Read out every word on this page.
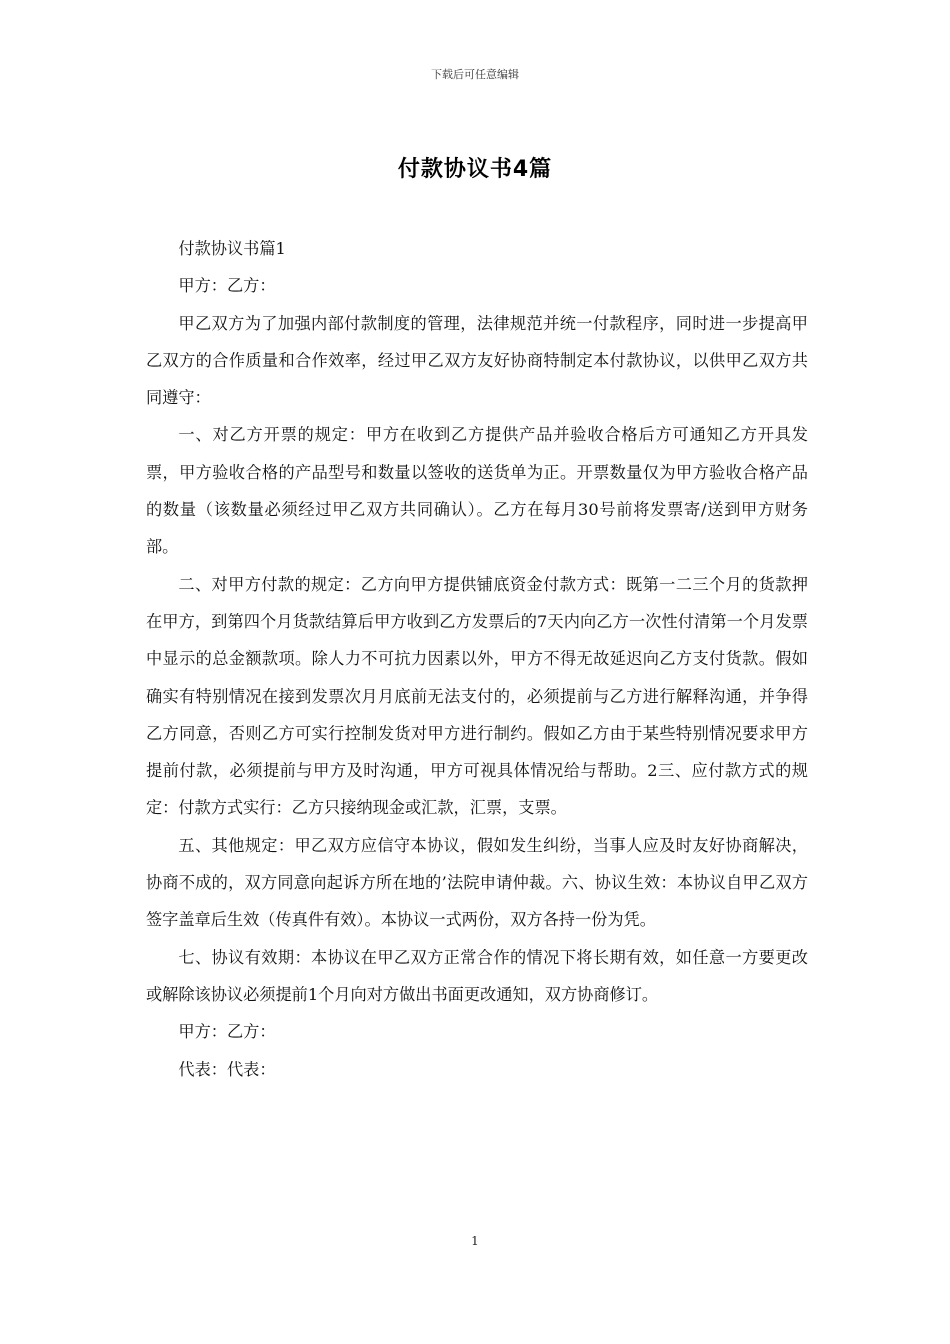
下载后可任意编辑
付款协议书4篇

付款协议书篇1

甲方：乙方：

甲乙双方为了加强内部付款制度的管理，法律规范并统一付款程序，同时进一步提高甲乙双方的合作质量和合作效率，经过甲乙双方友好协商特制定本付款协议，以供甲乙双方共同遵守：

一、对乙方开票的规定：甲方在收到乙方提供产品并验收合格后方可通知乙方开具发票，甲方验收合格的产品型号和数量以签收的送货单为正。开票数量仅为甲方验收合格产品的数量（该数量必须经过甲乙双方共同确认）。乙方在每月30号前将发票寄/送到甲方财务部。

二、对甲方付款的规定：乙方向甲方提供铺底资金付款方式：既第一二三个月的货款押在甲方，到第四个月货款结算后甲方收到乙方发票后的7天内向乙方一次性付清第一个月发票中显示的总金额款项。除人力不可抗力因素以外，甲方不得无故延迟向乙方支付货款。假如确实有特别情况在接到发票次月月底前无法支付的，必须提前与乙方进行解释沟通，并争得乙方同意，否则乙方可实行控制发货对甲方进行制约。假如乙方由于某些特别情况要求甲方提前付款，必须提前与甲方及时沟通，甲方可视具体情况给与帮助。2三、应付款方式的规定：付款方式实行：乙方只接纳现金或汇款，汇票，支票。

五、其他规定：甲乙双方应信守本协议，假如发生纠纷，当事人应及时友好协商解决，协商不成的，双方同意向起诉方所在地的’法院申请仲裁。六、协议生效：本协议自甲乙双方签字盖章后生效（传真件有效）。本协议一式两份，双方各持一份为凭。

七、协议有效期：本协议在甲乙双方正常合作的情况下将长期有效，如任意一方要更改或解除该协议必须提前1个月向对方做出书面更改通知，双方协商修订。

甲方：乙方：

代表：代表：

1
